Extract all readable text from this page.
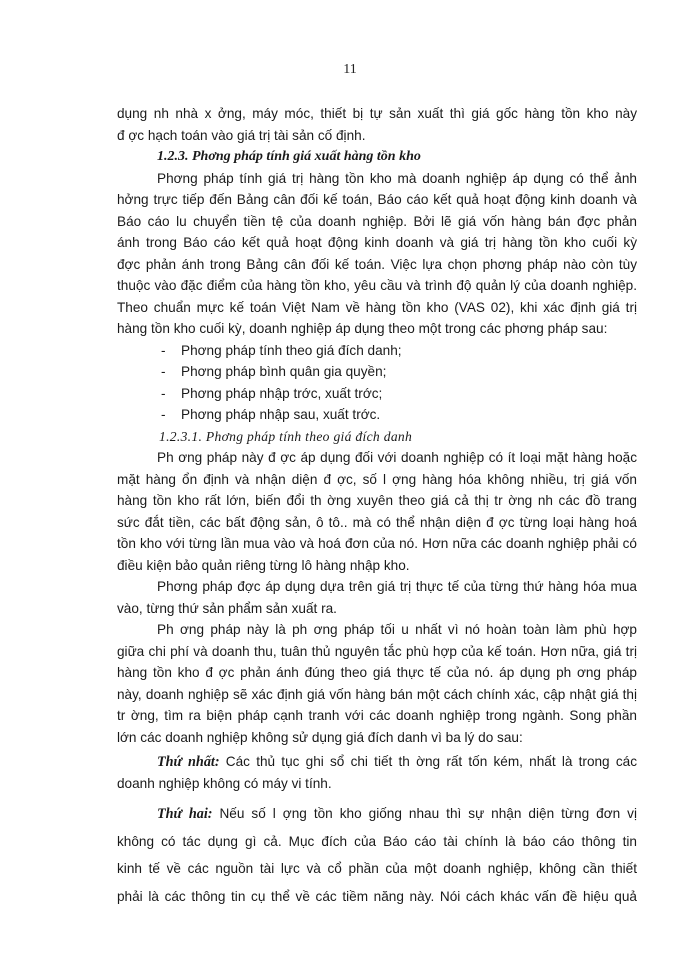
11
dụng nh nhà x ởng, máy móc, thiết bị tự sản xuất thì giá gốc hàng tồn kho này
đ ợc hạch toán vào giá trị tài sản cố định.
1.2.3. Phơng pháp tính giá xuất hàng tồn kho
Phơng pháp tính giá trị hàng tồn kho mà doanh nghiệp áp dụng có thể ảnh
hởng trực tiếp đến Bảng cân đối kế toán, Báo cáo kết quả hoạt động kinh doanh và
Báo cáo lu chuyển tiền tệ của doanh nghiệp. Bởi lẽ giá vốn hàng bán đợc phản
ánh trong Báo cáo kết quả hoạt động kinh doanh và giá trị hàng tồn kho cuối kỳ
đợc phản ánh trong Bảng cân đối kế toán. Việc lựa chọn phơng pháp nào còn tùy
thuộc vào đặc điểm của hàng tồn kho, yêu cầu và trình độ quản lý của doanh nghiệp.
Theo chuẩn mực kế toán Việt Nam về hàng tồn kho (VAS 02), khi xác định giá trị
hàng tồn kho cuối kỳ, doanh nghiệp áp dụng theo một trong các phơng pháp sau:
- Phơng pháp tính theo giá đích danh;
- Phơng pháp bình quân gia quyền;
- Phơng pháp nhập trớc, xuất trớc;
- Phơng pháp nhập sau, xuất trớc.
1.2.3.1. Phơng pháp tính theo giá đích danh
Ph ơng pháp này đ ợc áp dụng đối với doanh nghiệp có ít loại mặt hàng hoặc
mặt hàng ổn định và nhận diện đ ợc, số l ợng hàng hóa không nhiều, trị giá vốn
hàng tồn kho rất lớn, biến đổi th ờng xuyên theo giá cả thị tr ờng nh các đồ trang
sức đắt tiền, các bất động sản, ô tô.. mà có thể nhận diện đ ợc từng loại hàng hoá
tồn kho với từng lần mua vào và hoá đơn của nó. Hơn nữa các doanh nghiệp phải có
điều kiện bảo quản riêng từng lô hàng nhập kho.
Phơng pháp đợc áp dụng dựa trên giá trị thực tế của từng thứ hàng hóa mua
vào, từng thứ sản phẩm sản xuất ra.
Ph ơng pháp này là ph ơng pháp tối u nhất vì nó hoàn toàn làm phù hợp
giữa chi phí và doanh thu, tuân thủ nguyên tắc phù hợp của kế toán. Hơn nữa, giá trị
hàng tồn kho đ ợc phản ánh đúng theo giá thực tế của nó. áp dụng ph ơng pháp
này, doanh nghiệp sẽ xác định giá vốn hàng bán một cách chính xác, cập nhật giá thị
tr ờng, tìm ra biện pháp cạnh tranh với các doanh nghiệp trong ngành. Song phần
lớn các doanh nghiệp không sử dụng giá đích danh vì ba lý do sau:
Thứ nhất: Các thủ tục ghi sổ chi tiết th ờng rất tốn kém, nhất là trong các
doanh nghiệp không có máy vi tính.
Thứ hai: Nếu số l ợng tồn kho giống nhau thì sự nhận diện từng đơn vị
không có tác dụng gì cả. Mục đích của Báo cáo tài chính là báo cáo thông tin
kinh tế về các nguồn tài lực và cổ phần của một doanh nghiệp, không cần thiết
phải là các thông tin cụ thể về các tiềm năng này. Nói cách khác vấn đề hiệu quả
